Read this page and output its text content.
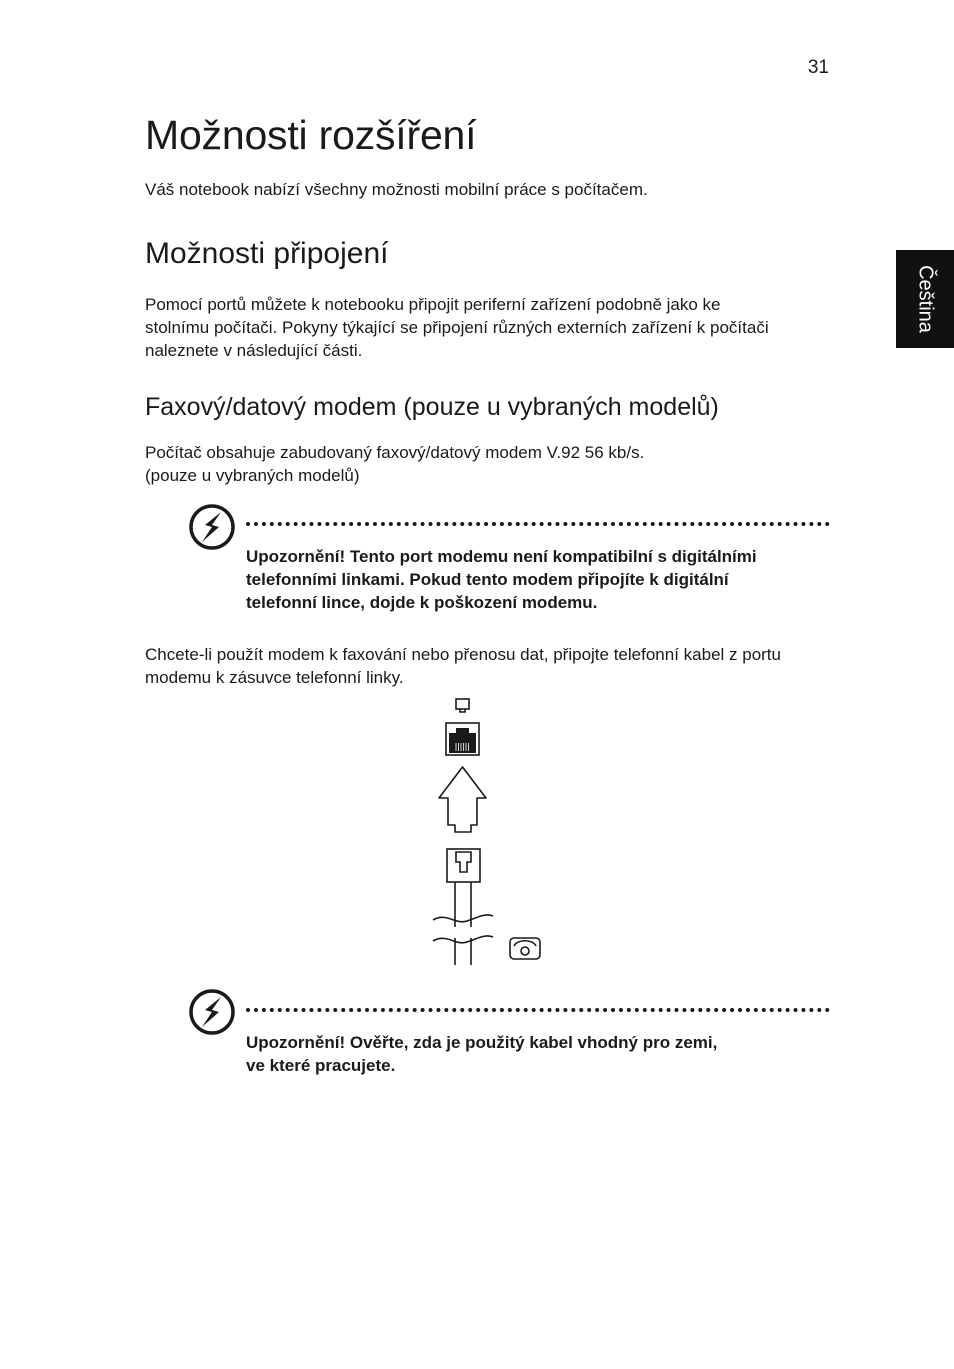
31
Čeština
Možnosti rozšíření
Váš notebook nabízí všechny možnosti mobilní práce s počítačem.
Možnosti připojení
Pomocí portů můžete k notebooku připojit periferní zařízení podobně jako ke
stolnímu počítači. Pokyny týkající se připojení různých externích zařízení k počítači
naleznete v následující části.
Faxový/datový modem (pouze u vybraných modelů)
Počítač obsahuje zabudovaný faxový/datový modem V.92 56 kb/s.
(pouze u vybraných modelů)
Upozornění! Tento port modemu není kompatibilní s digitálními
telefonními linkami. Pokud tento modem připojíte k digitální
telefonní lince, dojde k poškození modemu.
Chcete-li použít modem k faxování nebo přenosu dat, připojte telefonní kabel z portu
modemu k zásuvce telefonní linky.
Upozornění! Ověřte, zda je použitý kabel vhodný pro zemi,
ve které pracujete.
